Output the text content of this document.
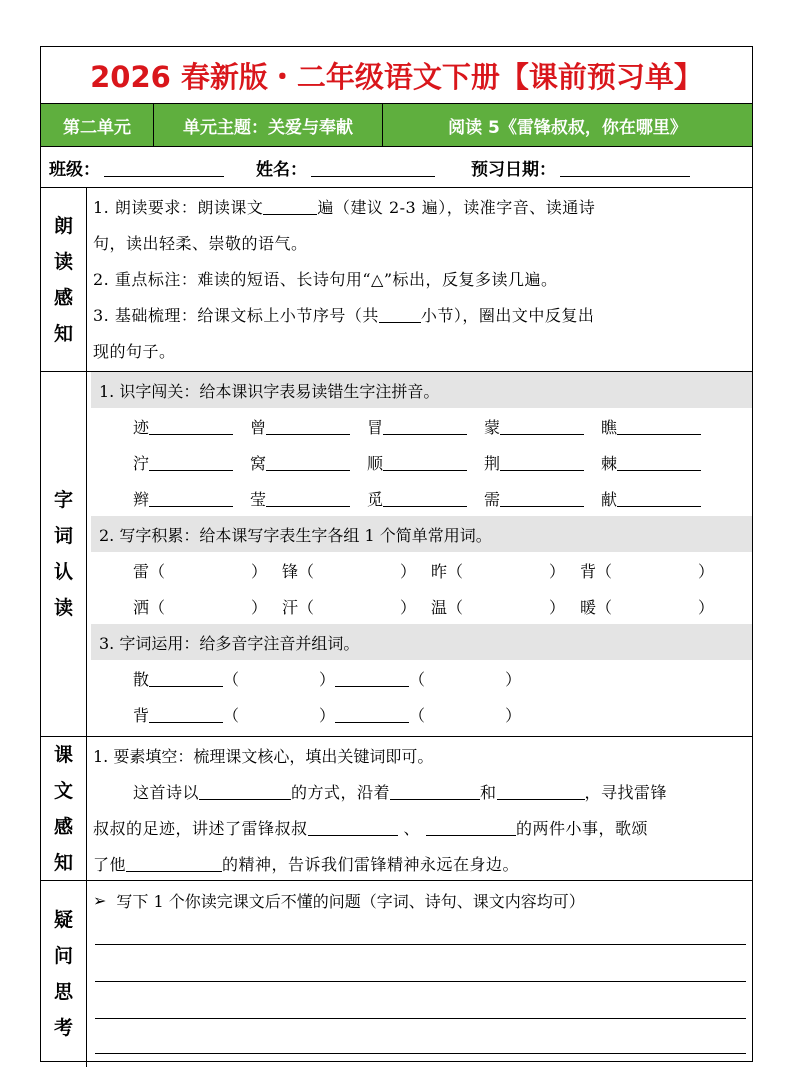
2026 春新版・二年级语文下册【课前预习单】
第二单元	单元主题：关爱与奉献	阅读 5《雷锋叔叔，你在哪里》
班级：	姓名：	预习日期：
朗
读
感
知
1. 朗读要求：朗读课文	遍（建议 2-3 遍），读准字音、读通诗
句，读出轻柔、崇敬的语气。
2. 重点标注：难读的短语、长诗句用“△”标出，反复多读几遍。
3. 基础梳理：给课文标上小节序号（共	小节），圈出文中反复出
现的句子。
字
词
认
读
1. 识字闯关：给本课识字表易读错生字注拼音。
迹	曾	冒	蒙	瞧
泞	窝	顺	荆	棘
辫	莹	觅	需	献
2. 写字积累：给本课写字表生字各组 1 个简单常用词。
雷 （	） 锋 （	） 昨 （	） 背 （	）
洒 （	） 汗 （	） 温 （	） 暖 （	）
3. 字词运用：给多音字注音并组词。
散	（	）	（	）
背	（	）	（	）
课
文
感
知
1. 要素填空：梳理课文核心，填出关键词即可。
这首诗以	的方式，沿着	和	，寻找雷锋
叔叔的足迹，讲述了雷锋叔叔	、	的两件小事，歌颂
了他	的精神，告诉我们雷锋精神永远在身边。
疑
问
思
考
➢ 写下 1 个你读完课文后不懂的问题（字词、诗句、课文内容均可）
